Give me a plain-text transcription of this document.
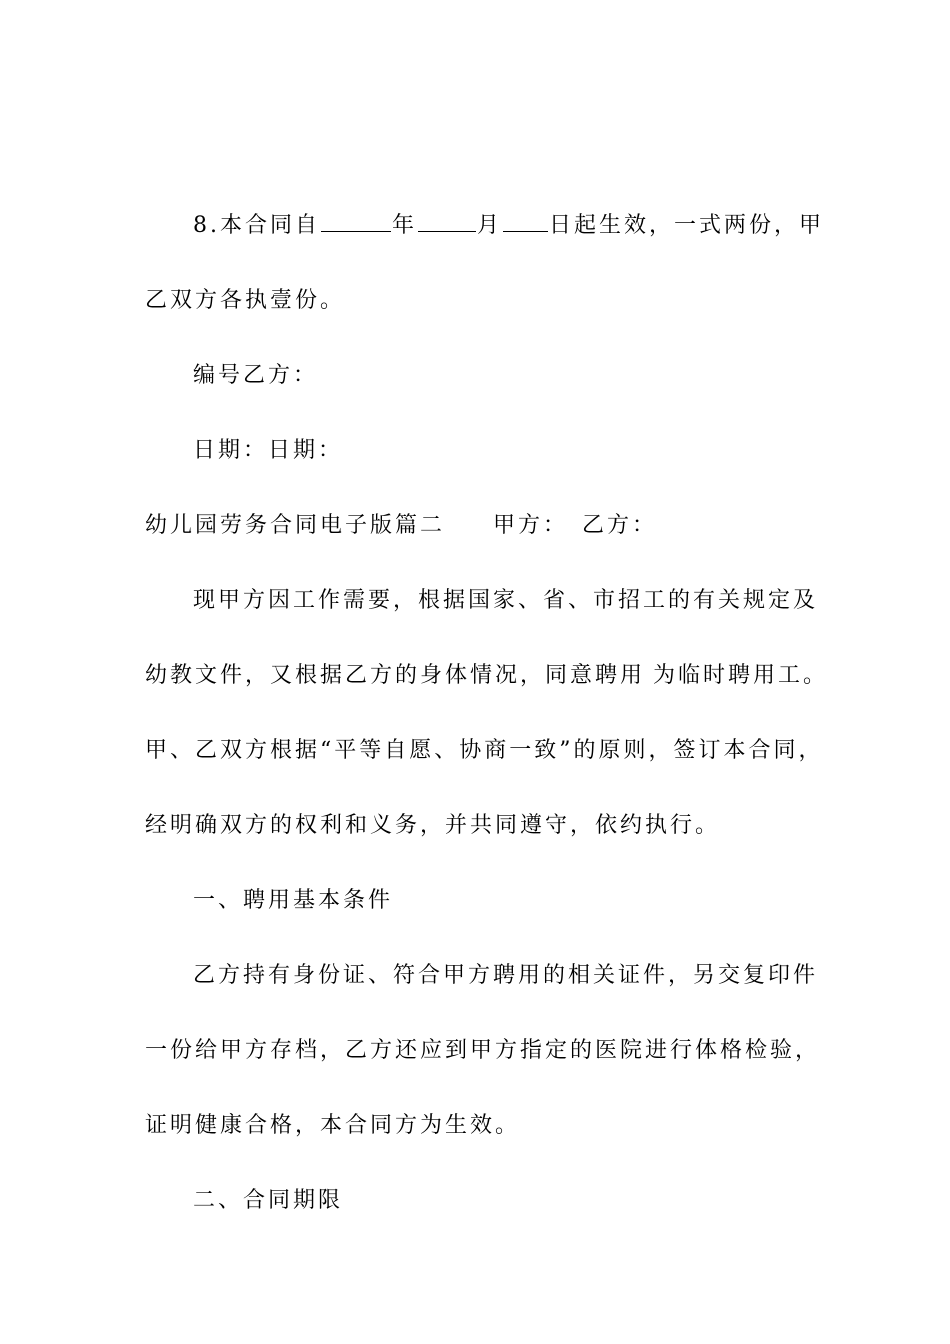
8.本合同自	年	月 日起生效，一式两份，甲
乙双方各执壹份。
编号乙方：
日期：日期：
幼儿园劳务合同电子版篇二 甲方： 乙方：
现甲方因工作需要，根据国家、省、市招工的有关规定及
幼教文件，又根据乙方的身体情况，同意聘用 为临时聘用工。
甲、乙双方根据“平等自愿、协商一致”的原则，签订本合同，
经明确双方的权利和义务，并共同遵守，依约执行。
一、聘用基本条件
乙方持有身份证、符合甲方聘用的相关证件，另交复印件
一份给甲方存档，乙方还应到甲方指定的医院进行体格检验，
证明健康合格，本合同方为生效。
二、合同期限
